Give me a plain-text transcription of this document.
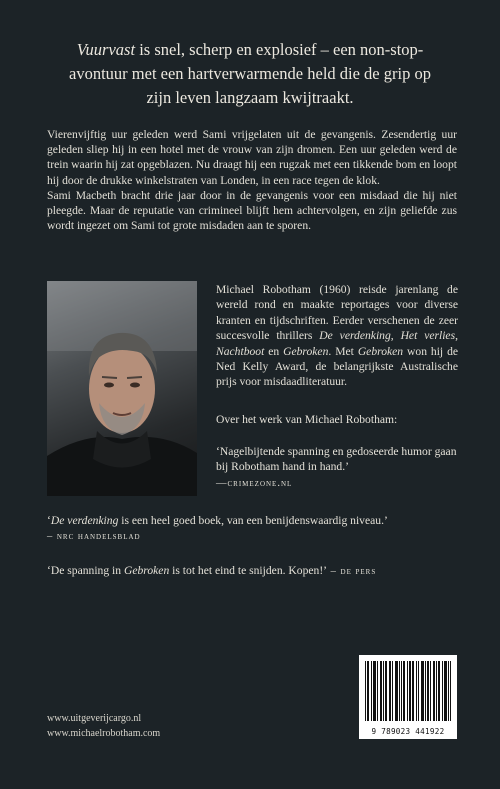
Vuurvast is snel, scherp en explosief – een non-stop-avontuur met een hartverwarmende held die de grip op zijn leven langzaam kwijtraakt.

Vierenvijftig uur geleden werd Sami vrijgelaten uit de gevangenis. Zesendertig uur geleden sliep hij in een hotel met de vrouw van zijn dromen. Een uur geleden werd de trein waarin hij zat opgeblazen. Nu draagt hij een rugzak met een tikkende bom en loopt hij door de drukke winkelstraten van Londen, in een race tegen de klok.

Sami Macbeth bracht drie jaar door in de gevangenis voor een misdaad die hij niet pleegde. Maar de reputatie van crimineel blijft hem achtervolgen, en zijn geliefde zus wordt ingezet om Sami tot grote misdaden aan te sporen.

Michael Robotham (1960) reisde jarenlang de wereld rond en maakte reportages voor diverse kranten en tijdschriften. Eerder verschenen de zeer succesvolle thrillers De verdenking, Het verlies, Nachtboot en Gebroken. Met Gebroken won hij de Ned Kelly Award, de belangrijkste Australische prijs voor misdaadliteratuur.

Over het werk van Michael Robotham:
‘Nagelbijtende spanning en gedoseerde humor gaan bij Robotham hand in hand.’
—crimezone.nl
‘De verdenking is een heel goed boek, van een benijdenswaardig niveau.’
– nrc handelsblad
‘De spanning in Gebroken is tot het eind te snijden. Kopen!’ – de pers
9 789023 441922
www.uitgeverijcargo.nl
www.michaelrobotham.com
